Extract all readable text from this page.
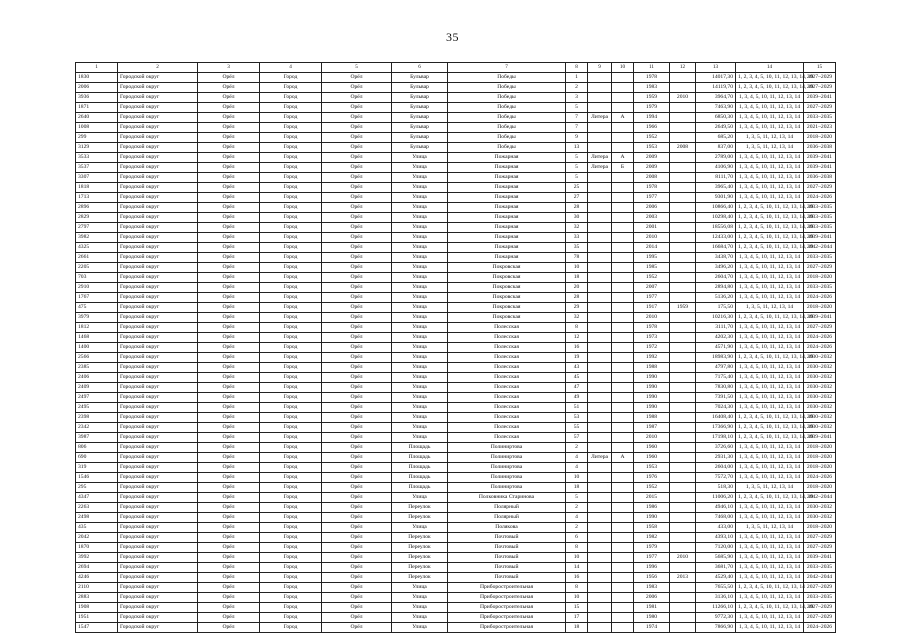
35
1	2	3	4	5	6	7	8	9	10	11	12	13	14	15
1830	Городской округ	Орёл	Город	Орёл	Бульвар	Победы	1			1978		14017,30	1, 2, 3, 4, 5, 10, 11, 12, 13, 14, 19	2027–2029
2006	Городской округ	Орёл	Город	Орёл	Бульвар	Победы	2			1983		14119,70	1, 2, 3, 4, 5, 10, 11, 12, 13, 14, 19	2027–2029
3936	Городской округ	Орёл	Город	Орёл	Бульвар	Победы	3			1959	2010	3964,70	1, 3, 4, 5, 10, 11, 12, 13, 14	2039–2041
1871	Городской округ	Орёл	Город	Орёл	Бульвар	Победы	5			1979		7463,90	1, 3, 4, 5, 10, 11, 12, 13, 14	2027–2029
2640	Городской округ	Орёл	Город	Орёл	Бульвар	Победы	7	Литера	А	1994		6850,30	1, 3, 4, 5, 10, 11, 12, 13, 14	2033–2035
1008	Городской округ	Орёл	Город	Орёл	Бульвар	Победы	7			1966		2649,50	1, 3, 4, 5, 10, 11, 12, 13, 14	2021–2023
299	Городской округ	Орёл	Город	Орёл	Бульвар	Победы	9			1952		685,20	1, 3, 5, 11, 12, 13, 14	2018–2020
3129	Городской округ	Орёл	Город	Орёл	Бульвар	Победы	13			1953	2008	837,00	1, 3, 5, 11, 12, 13, 14	2036–2038
3533	Городской округ	Орёл	Город	Орёл	Улица	Пожарная	5	Литера	А	2009		2789,00	1, 3, 4, 5, 10, 11, 12, 13, 14	2039–2041
3537	Городской округ	Орёл	Город	Орёл	Улица	Пожарная	5	Литера	Б	2009		4106,90	1, 3, 4, 5, 10, 11, 12, 13, 14	2039–2041
3307	Городской округ	Орёл	Город	Орёл	Улица	Пожарная	5			2008		8111,70	1, 3, 4, 5, 10, 11, 12, 13, 14	2036–2038
1818	Городской округ	Орёл	Город	Орёл	Улица	Пожарная	25			1978		3965,40	1, 3, 4, 5, 10, 11, 12, 13, 14	2027–2029
1713	Городской округ	Орёл	Город	Орёл	Улица	Пожарная	27			1977		9301,90	1, 3, 4, 5, 10, 11, 12, 13, 14	2024–2026
2896	Городской округ	Орёл	Город	Орёл	Улица	Пожарная	28			2006		10866,40	1, 2, 3, 4, 5, 10, 11, 12, 13, 14, 19	2033–2035
2829	Городской округ	Орёл	Город	Орёл	Улица	Пожарная	30			2003		10298,40	1, 2, 3, 4, 5, 10, 11, 12, 13, 14, 19	2033–2035
2797	Городской округ	Орёл	Город	Орёл	Улица	Пожарная	32			2001		18556,08	1, 2, 3, 4, 5, 10, 11, 12, 13, 14, 19	2033–2035
3982	Городской округ	Орёл	Город	Орёл	Улица	Пожарная	33			2010		12433,00	1, 2, 3, 4, 5, 10, 11, 12, 13, 14, 19	2039–2041
4325	Городской округ	Орёл	Город	Орёл	Улица	Пожарная	35			2014		16684,70	1, 2, 3, 4, 5, 10, 11, 12, 13, 14, 19	2042–2044
2661	Городской округ	Орёл	Город	Орёл	Улица	Пожарная	78			1995		3438,70	1, 3, 4, 5, 10, 11, 12, 13, 14	2033–2035
2205	Городской округ	Орёл	Город	Орёл	Улица	Покровская	10			1985		3496,20	1, 3, 4, 5, 10, 11, 12, 13, 14	2027–2029
703	Городской округ	Орёл	Город	Орёл	Улица	Покровская	18			1952		2604,70	1, 3, 4, 5, 10, 11, 12, 13, 14	2018–2020
2910	Городской округ	Орёл	Город	Орёл	Улица	Покровская	20			2007		2894,80	1, 3, 4, 5, 10, 11, 12, 13, 14	2033–2035
1767	Городской округ	Орёл	Город	Орёл	Улица	Покровская	28			1977		5136,20	1, 3, 4, 5, 10, 11, 12, 13, 14	2024–2026
475	Городской округ	Орёл	Город	Орёл	Улица	Покровская	29			1917	1959	175,50	1, 3, 5, 11, 12, 13, 14	2018–2020
3979	Городской округ	Орёл	Город	Орёл	Улица	Покровская	32			2010		10216,30	1, 2, 3, 4, 5, 10, 11, 12, 13, 14, 19	2039–2041
1812	Городской округ	Орёл	Город	Орёл	Улица	Полесская	8			1978		3111,70	1, 3, 4, 5, 10, 11, 12, 13, 14	2027–2029
1468	Городской округ	Орёл	Город	Орёл	Улица	Полесская	12			1973		4202,30	1, 3, 4, 5, 10, 11, 12, 13, 14	2024–2026
1400	Городской округ	Орёл	Город	Орёл	Улица	Полесская	16			1972		4571,90	1, 3, 4, 5, 10, 11, 12, 13, 14	2024–2026
2566	Городской округ	Орёл	Город	Орёл	Улица	Полесская	19			1992		18983,90	1, 2, 3, 4, 5, 10, 11, 12, 13, 14, 19	2030–2032
2385	Городской округ	Орёл	Город	Орёл	Улица	Полесская	43			1988		4797,80	1, 3, 4, 5, 10, 11, 12, 13, 14	2030–2032
2406	Городской округ	Орёл	Город	Орёл	Улица	Полесская	45			1990		7175,40	1, 3, 4, 5, 10, 11, 12, 13, 14	2030–2032
2409	Городской округ	Орёл	Город	Орёл	Улица	Полесская	47			1990		7830,80	1, 3, 4, 5, 10, 11, 12, 13, 14	2030–2032
2497	Городской округ	Орёл	Город	Орёл	Улица	Полесская	49			1990		7391,50	1, 3, 4, 5, 10, 11, 12, 13, 14	2030–2032
2495	Городской округ	Орёл	Город	Орёл	Улица	Полесская	51			1990		7024,30	1, 3, 4, 5, 10, 11, 12, 13, 14	2030–2032
2398	Городской округ	Орёл	Город	Орёл	Улица	Полесская	53			1988		16408,40	1, 2, 3, 4, 5, 10, 11, 12, 13, 14, 19	2030–2032
2342	Городской округ	Орёл	Город	Орёл	Улица	Полесская	55			1987		17366,90	1, 2, 3, 4, 5, 10, 11, 12, 13, 14, 19	2030–2032
3987	Городской округ	Орёл	Город	Орёл	Улица	Полесская	57			2010		17198,10	1, 2, 3, 4, 5, 10, 11, 12, 13, 14, 19	2039–2041
806	Городской округ	Орёл	Город	Орёл	Площадь	Полиниртова	2			1960		3726,60	1, 3, 4, 5, 10, 11, 12, 13, 14	2018–2020
690	Городской округ	Орёл	Город	Орёл	Площадь	Полиниртова	4	Литера	А	1960		2931,30	1, 3, 4, 5, 10, 11, 12, 13, 14	2018–2020
319	Городской округ	Орёл	Город	Орёл	Площадь	Полиниртова	4			1953		2604,00	1, 3, 4, 5, 10, 11, 12, 13, 14	2018–2020
1546	Городской округ	Орёл	Город	Орёл	Площадь	Полиниртова	10			1976		7572,70	1, 3, 4, 5, 10, 11, 12, 13, 14	2024–2026
295	Городской округ	Орёл	Город	Орёл	Площадь	Полиниртова	18			1952		518,30	1, 3, 5, 11, 12, 13, 14	2018–2020
4347	Городской округ	Орёл	Город	Орёл	Улица	Полковника Старинова	5			2015		11006,20	1, 2, 3, 4, 5, 10, 11, 12, 13, 14, 19	2042–2044
2263	Городской округ	Орёл	Город	Орёл	Переулок	Полярный	2			1986		4946,10	1, 3, 4, 5, 10, 11, 12, 13, 14	2030–2032
2498	Городской округ	Орёл	Город	Орёл	Переулок	Полярный	4			1990		7468,00	1, 3, 4, 5, 10, 11, 12, 13, 14	2030–2032
435	Городской округ	Орёл	Город	Орёл	Улица	Полякова	2			1958		433,00	1, 3, 5, 11, 12, 13, 14	2018–2020
2042	Городской округ	Орёл	Город	Орёл	Переулок	Почтовый	6			1982		4393,10	1, 3, 4, 5, 10, 11, 12, 13, 14	2027–2029
1870	Городской округ	Орёл	Город	Орёл	Переулок	Почтовый	8			1979		7120,00	1, 3, 4, 5, 10, 11, 12, 13, 14	2027–2029
3992	Городской округ	Орёл	Город	Орёл	Переулок	Почтовый	10			1977	2010	5685,90	1, 3, 4, 5, 10, 11, 12, 13, 14	2039–2041
2694	Городской округ	Орёл	Город	Орёл	Переулок	Почтовый	14			1996		3681,70	1, 3, 4, 5, 10, 11, 12, 13, 14	2033–2035
4246	Городской округ	Орёл	Город	Орёл	Переулок	Почтовый	16			1956	2013	4529,40	1, 3, 4, 5, 10, 11, 12, 13, 14	2042–2044
2110	Городской округ	Орёл	Город	Орёл	Улица	Приборостроительная	8			1983		7655,50	1, 2, 3, 4, 5, 10, 11, 12, 13, 14	2027–2029
2883	Городской округ	Орёл	Город	Орёл	Улица	Приборостроительная	10			2006		3136,10	1, 3, 4, 5, 10, 11, 12, 13, 14	2033–2035
1908	Городской округ	Орёл	Город	Орёл	Улица	Приборостроительная	15			1981		11266,10	1, 2, 3, 4, 5, 10, 11, 12, 13, 14, 19	2027–2029
1951	Городской округ	Орёл	Город	Орёл	Улица	Приборостроительная	17			1980		9772,30	1, 3, 4, 5, 10, 11, 12, 13, 14	2027–2029
1547	Городской округ	Орёл	Город	Орёл	Улица	Приборостроительная	18			1974		7866,90	1, 3, 4, 5, 10, 11, 12, 13, 14	2024–2026
